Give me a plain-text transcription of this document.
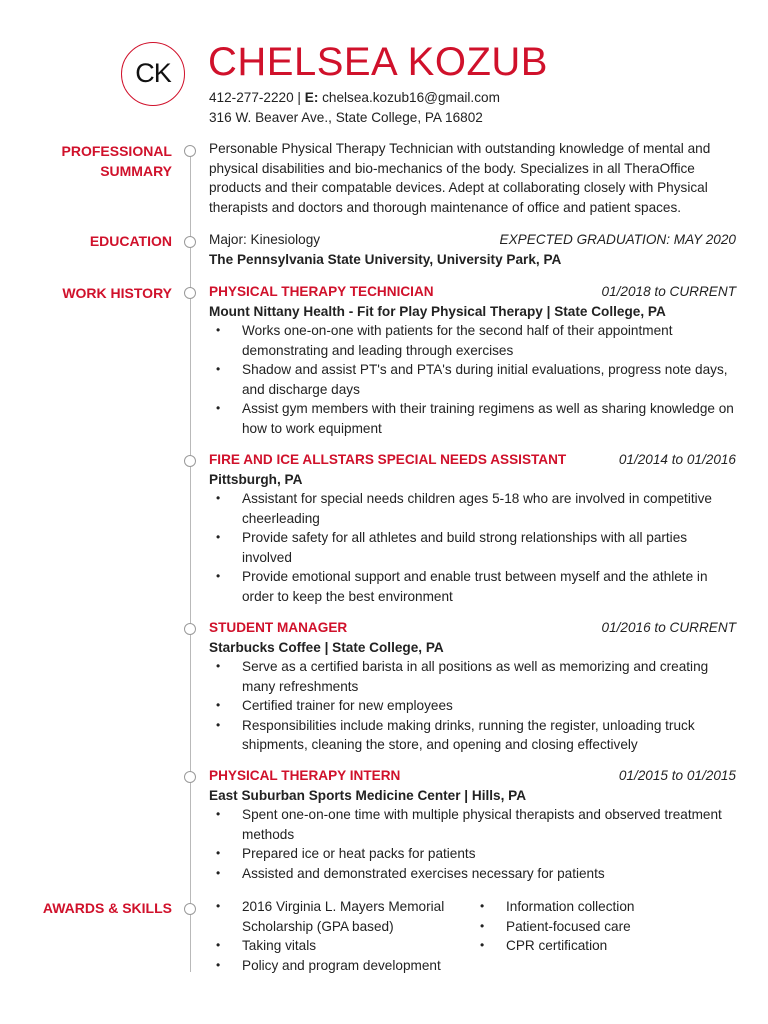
CK CHELSEA KOZUB
412-277-2220 | E: chelsea.kozub16@gmail.com
316 W. Beaver Ave., State College, PA 16802
PROFESSIONAL
SUMMARY

Personable Physical Therapy Technician with outstanding knowledge of mental and physical disabilities and bio-mechanics of the body. Specializes in all TheraOffice products and their compatable devices. Adept at collaborating closely with Physical therapists and doctors and thorough maintenance of office and patient spaces.

EDUCATION	Major: Kinesiology	EXPECTED GRADUATION: MAY 2020
The Pennsylvania State University, University Park, PA
WORK HISTORY	PHYSICAL THERAPY TECHNICIAN	01/2018 to CURRENT
Mount Nittany Health - Fit for Play Physical Therapy | State College, PA
• Works one-on-one with patients for the second half of their appointment demonstrating and leading through exercises
• Shadow and assist PT's and PTA's during initial evaluations, progress note days, and discharge days
• Assist gym members with their training regimens as well as sharing knowledge on how to work equipment
FIRE AND ICE ALLSTARS SPECIAL NEEDS ASSISTANT	01/2014 to 01/2016
Pittsburgh, PA
• Assistant for special needs children ages 5-18 who are involved in competitive cheerleading
• Provide safety for all athletes and build strong relationships with all parties involved
• Provide emotional support and enable trust between myself and the athlete in order to keep the best environment
STUDENT MANAGER	01/2016 to CURRENT
Starbucks Coffee | State College, PA
• Serve as a certified barista in all positions as well as memorizing and creating many refreshments
• Certified trainer for new employees
• Responsibilities include making drinks, running the register, unloading truck shipments, cleaning the store, and opening and closing effectively
PHYSICAL THERAPY INTERN	01/2015 to 01/2015
East Suburban Sports Medicine Center | Hills, PA
• Spent one-on-one time with multiple physical therapists and observed treatment methods
• Prepared ice or heat packs for patients
• Assisted and demonstrated exercises necessary for patients
AWARDS & SKILLS
•	2016 Virginia L. Mayers Memorial Scholarship (GPA based)
• Taking vitals
• Policy and program development
• Information collection
• Patient-focused care
• CPR certification
